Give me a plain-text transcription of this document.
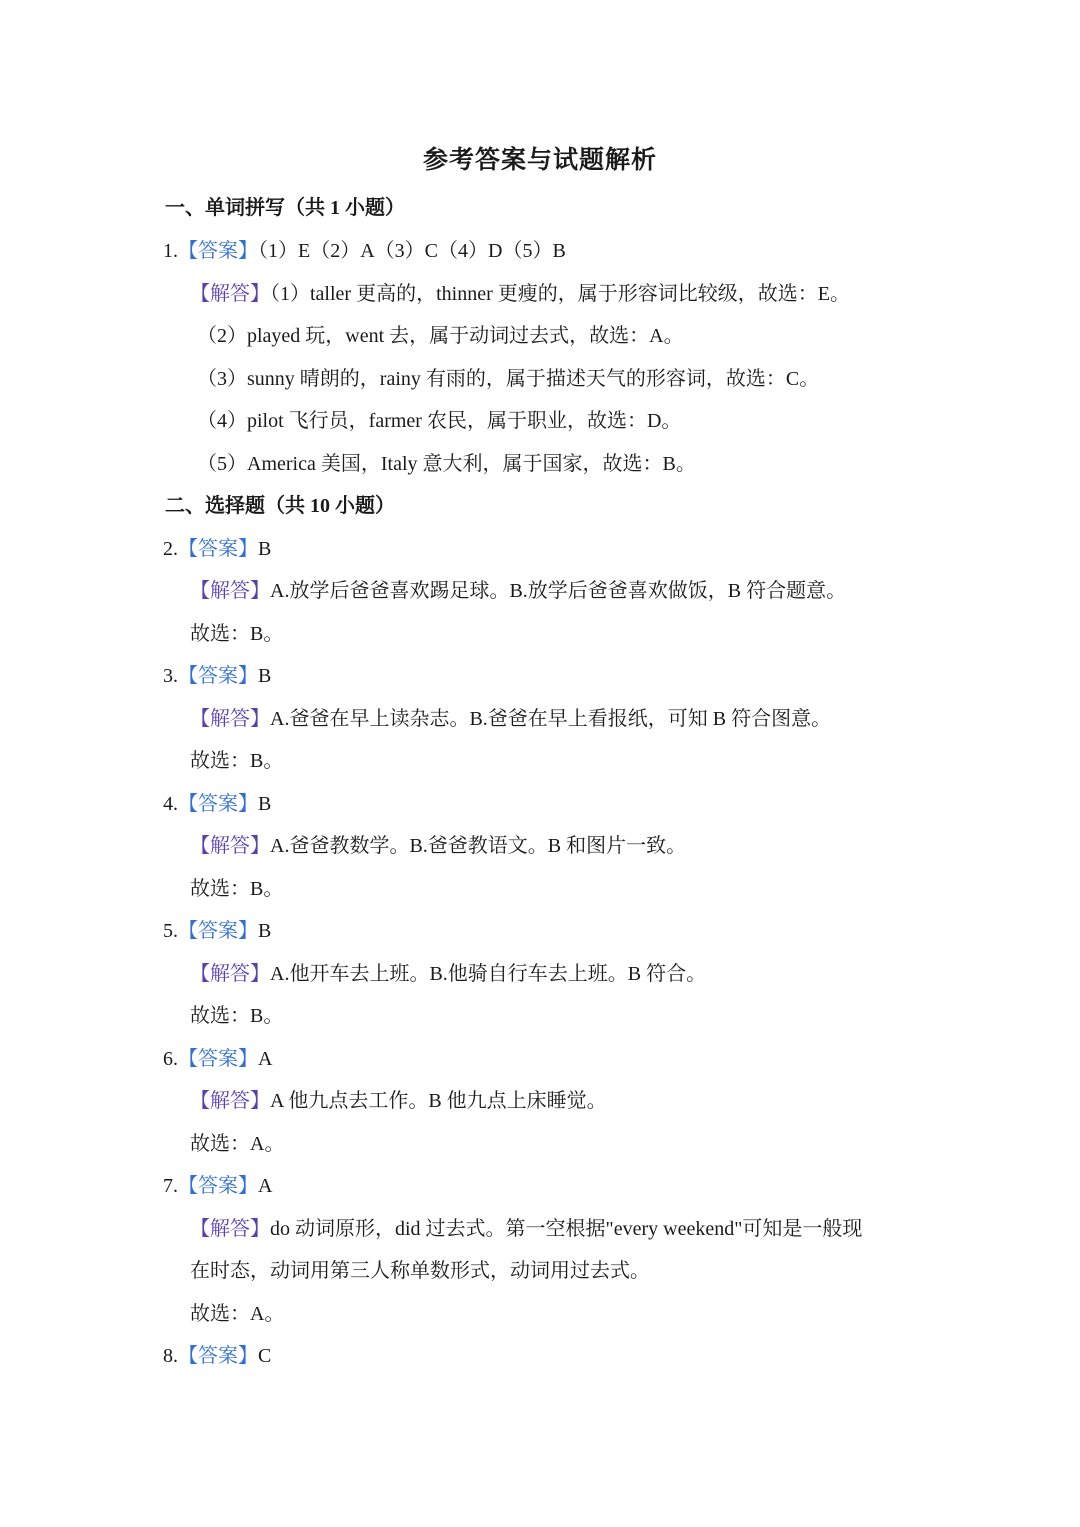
参考答案与试题解析
一、单词拼写（共 1 小题）
1.【答案】（1）E（2）A（3）C（4）D（5）B
【解答】（1）taller 更高的，thinner 更瘦的，属于形容词比较级，故选：E。
（2）played 玩，went 去，属于动词过去式，故选：A。
（3）sunny 晴朗的，rainy 有雨的，属于描述天气的形容词，故选：C。
（4）pilot 飞行员，farmer 农民，属于职业，故选：D。
（5）America 美国，Italy 意大利，属于国家，故选：B。
二、选择题（共 10 小题）
2.【答案】B
【解答】A.放学后爸爸喜欢踢足球。B.放学后爸爸喜欢做饭，B 符合题意。
故选：B。
3.【答案】B
【解答】A.爸爸在早上读杂志。B.爸爸在早上看报纸，可知 B 符合图意。
故选：B。
4.【答案】B
【解答】A.爸爸教数学。B.爸爸教语文。B 和图片一致。
故选：B。
5.【答案】B
【解答】A.他开车去上班。B.他骑自行车去上班。B 符合。
故选：B。
6.【答案】A
【解答】A 他九点去工作。B 他九点上床睡觉。
故选：A。
7.【答案】A
【解答】do 动词原形，did 过去式。第一空根据"every weekend"可知是一般现
在时态，动词用第三人称单数形式，动词用过去式。
故选：A。
8.【答案】C
